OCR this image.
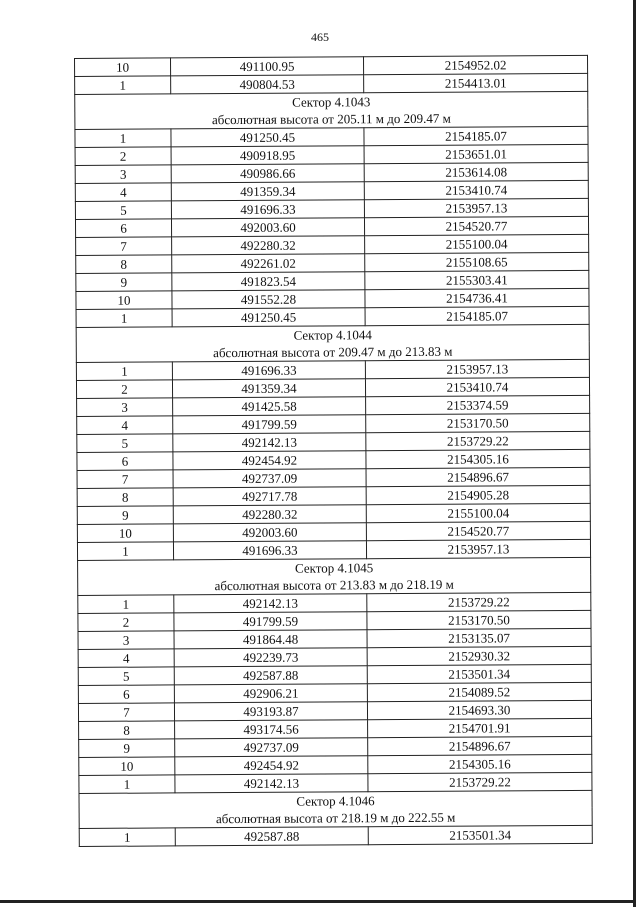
465
10	491100.95	2154952.02
1	490804.53	2154413.01
Сектор 4.1043		
абсолютная высота от 205.11 м до 209.47 м		
1	491250.45	2154185.07
2	490918.95	2153651.01
3	490986.66	2153614.08
4	491359.34	2153410.74
5	491696.33	2153957.13
6	492003.60	2154520.77
7	492280.32	2155100.04
8	492261.02	2155108.65
9	491823.54	2155303.41
10	491552.28	2154736.41
1	491250.45	2154185.07
Сектор 4.1044		
абсолютная высота от 209.47 м до 213.83 м		
1	491696.33	2153957.13
2	491359.34	2153410.74
3	491425.58	2153374.59
4	491799.59	2153170.50
5	492142.13	2153729.22
6	492454.92	2154305.16
7	492737.09	2154896.67
8	492717.78	2154905.28
9	492280.32	2155100.04
10	492003.60	2154520.77
1	491696.33	2153957.13
Сектор 4.1045		
абсолютная высота от 213.83 м до 218.19 м		
1	492142.13	2153729.22
2	491799.59	2153170.50
3	491864.48	2153135.07
4	492239.73	2152930.32
5	492587.88	2153501.34
6	492906.21	2154089.52
7	493193.87	2154693.30
8	493174.56	2154701.91
9	492737.09	2154896.67
10	492454.92	2154305.16
1	492142.13	2153729.22
Сектор 4.1046		
абсолютная высота от 218.19 м до 222.55 м		
1	492587.88	2153501.34
